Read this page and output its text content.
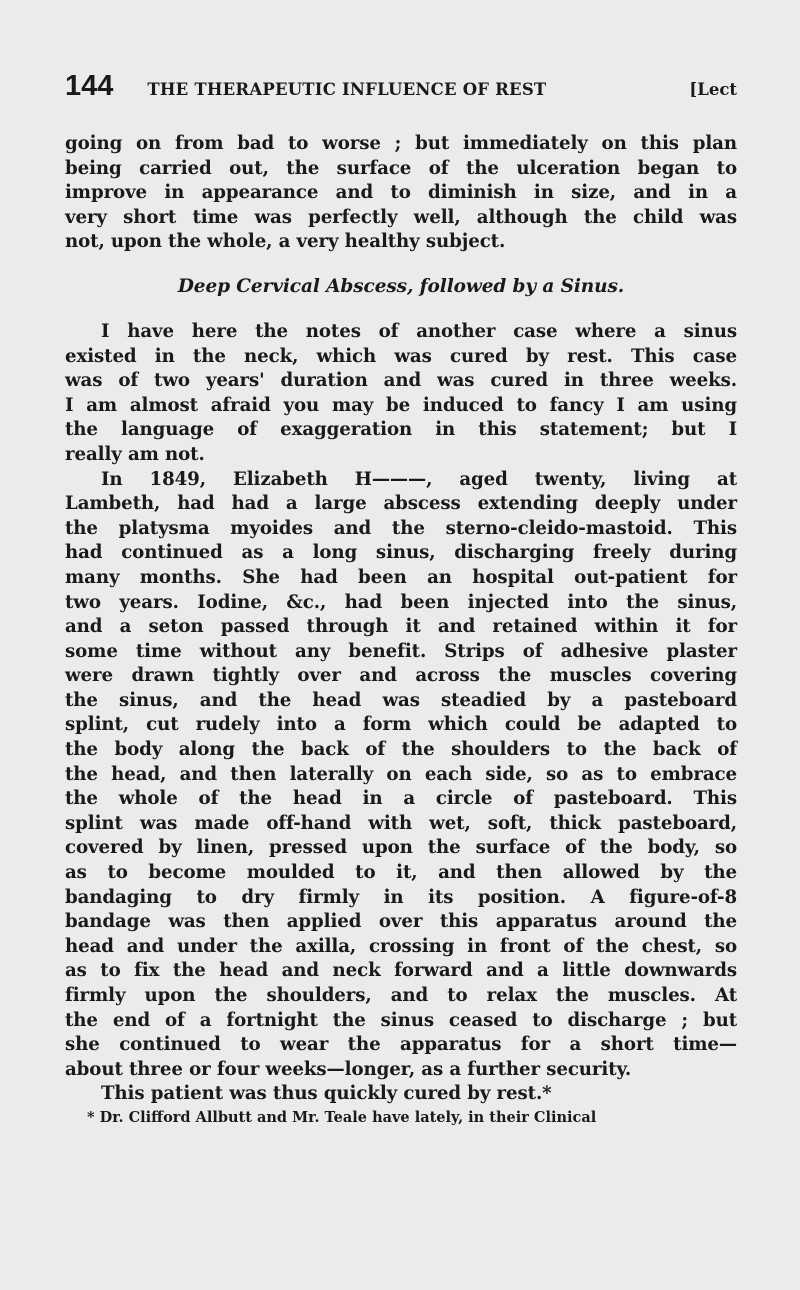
144 THE THERAPEUTIC INFLUENCE OF REST	[Lect
going on from bad to worse ; but immediately on this plan
being carried out, the surface of the ulceration began to
improve in appearance and to diminish in size, and in a
very short time was perfectly well, although the child was
not, upon the whole, a very healthy subject.
Deep Cervical Abscess, followed by a Sinus.
I have here the notes of another case where a sinus
existed in the neck, which was cured by rest. This case
was of two years' duration and was cured in three weeks.
I am almost afraid you may be induced to fancy I am using
the language of exaggeration in this statement; but I
really am not.
In 1849, Elizabeth H———, aged twenty, living at
Lambeth, had had a large abscess extending deeply under
the platysma myoides and the sterno-cleido-mastoid. This
had continued as a long sinus, discharging freely during
many months. She had been an hospital out-patient for
two years. Iodine, &c., had been injected into the sinus,
and a seton passed through it and retained within it for
some time without any benefit. Strips of adhesive plaster
were drawn tightly over and across the muscles covering
the sinus, and the head was steadied by a pasteboard
splint, cut rudely into a form which could be adapted to
the body along the back of the shoulders to the back of
the head, and then laterally on each side, so as to embrace
the whole of the head in a circle of pasteboard. This
splint was made off-hand with wet, soft, thick pasteboard,
covered by linen, pressed upon the surface of the body, so
as to become moulded to it, and then allowed by the
bandaging to dry firmly in its position. A figure-of-8
bandage was then applied over this apparatus around the
head and under the axilla, crossing in front of the chest, so
as to fix the head and neck forward and a little downwards
firmly upon the shoulders, and to relax the muscles. At
the end of a fortnight the sinus ceased to discharge ; but
she continued to wear the apparatus for a short time—
about three or four weeks—longer, as a further security.
This patient was thus quickly cured by rest.*
* Dr. Clifford Allbutt and Mr. Teale have lately, in their Clinical
